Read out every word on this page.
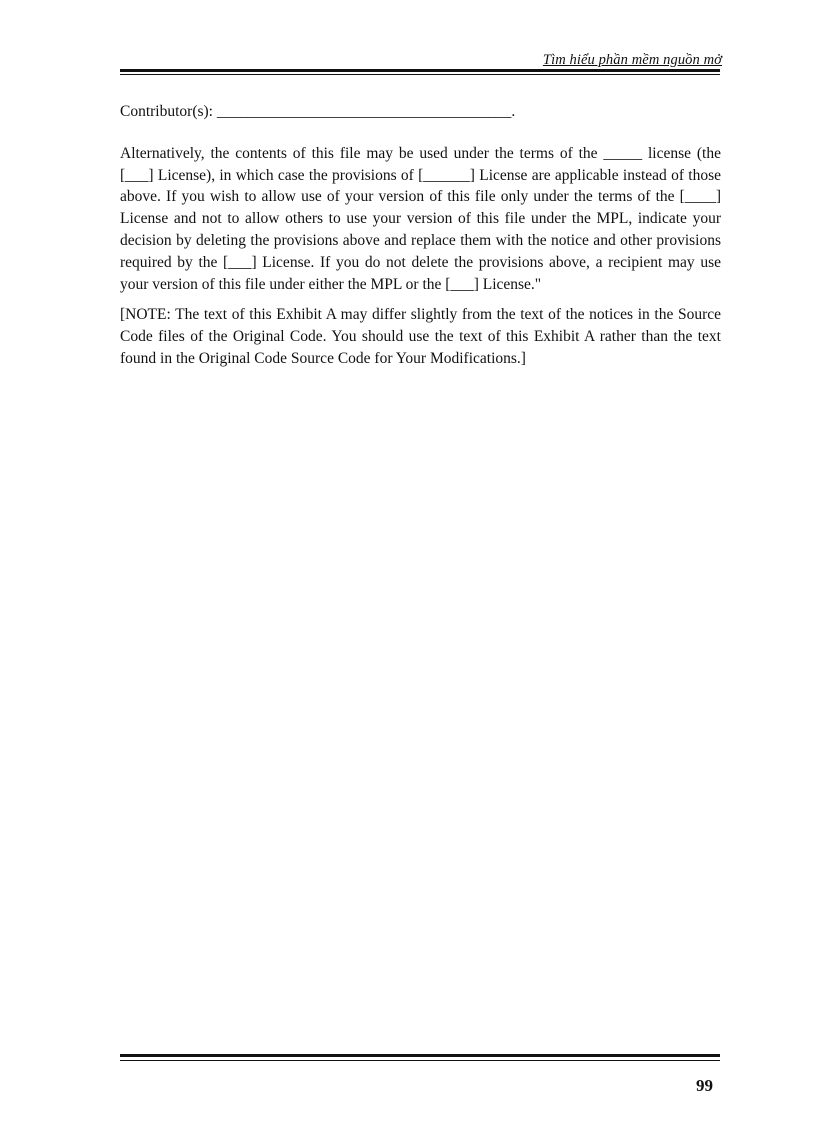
Tìm hiểu phần mềm nguồn mở

Contributor(s): ______________________________________.

Alternatively, the contents of this file may be used under the terms of the _____ license (the [___] License), in which case the provisions of [______] License are applicable instead of those above. If you wish to allow use of your version of this file only under the terms of the [____] License and not to allow others to use your version of this file under the MPL, indicate your decision by deleting the provisions above and replace them with the notice and other provisions required by the [___] License. If you do not delete the provisions above, a recipient may use your version of this file under either the MPL or the [___] License."

[NOTE: The text of this Exhibit A may differ slightly from the text of the notices in the Source Code files of the Original Code. You should use the text of this Exhibit A rather than the text found in the Original Code Source Code for Your Modifications.]

99
